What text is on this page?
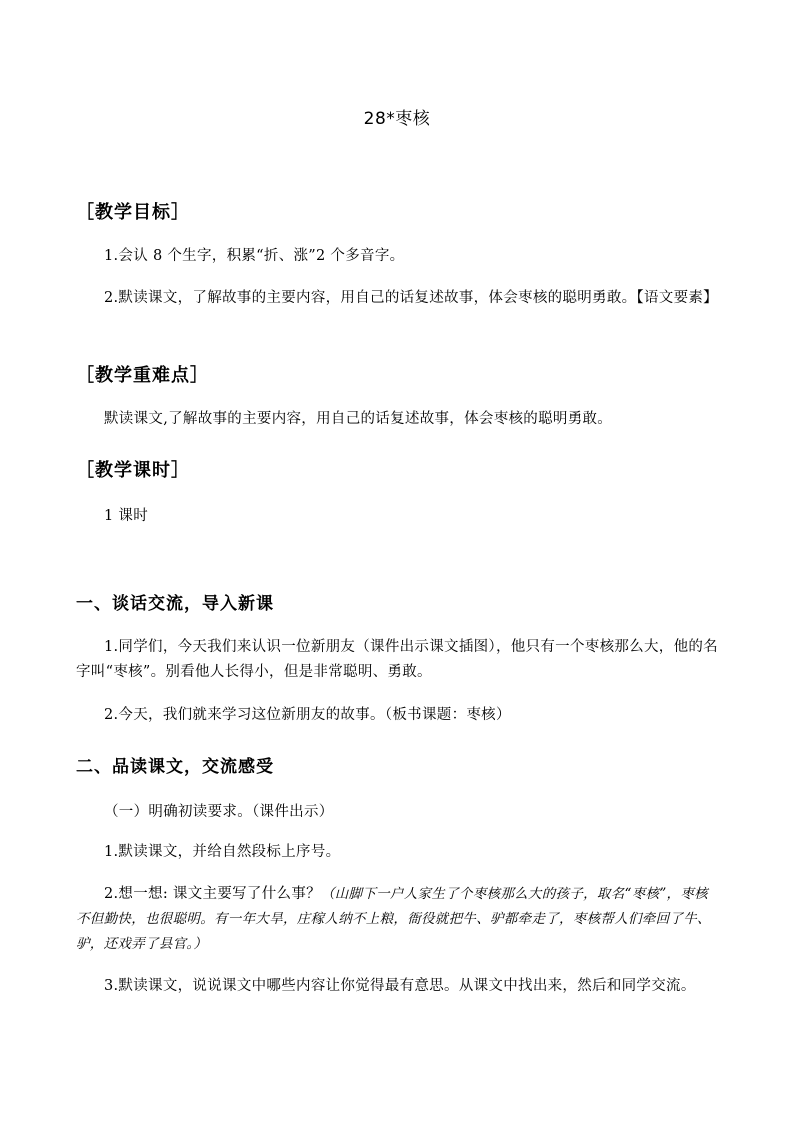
28*枣核
［教学目标］
1.会认 8 个生字，积累“折、涨”2 个多音字。
2.默读课文，了解故事的主要内容，用自己的话复述故事，体会枣核的聪明勇敢。【语文要素】
［教学重难点］
默读课文,了解故事的主要内容，用自己的话复述故事，体会枣核的聪明勇敢。
［教学课时］
1 课时
一、谈话交流，导入新课
1.同学们，今天我们来认识一位新朋友（课件出示课文插图），他只有一个枣核那么大，他的名字叫“枣核”。别看他人长得小，但是非常聪明、勇敢。
2.今天，我们就来学习这位新朋友的故事。（板书课题：枣核）
二、品读课文，交流感受
（一）明确初读要求。（课件出示）
1.默读课文，并给自然段标上序号。
2.想一想: 课文主要写了什么事？（山脚下一户人家生了个枣核那么大的孩子，取名“枣核”，枣核不但勤快，也很聪明。有一年大旱，庄稼人纳不上粮，衙役就把牛、驴都牵走了，枣核帮人们牵回了牛、驴，还戏弄了县官。）
3.默读课文，说说课文中哪些内容让你觉得最有意思。从课文中找出来，然后和同学交流。
